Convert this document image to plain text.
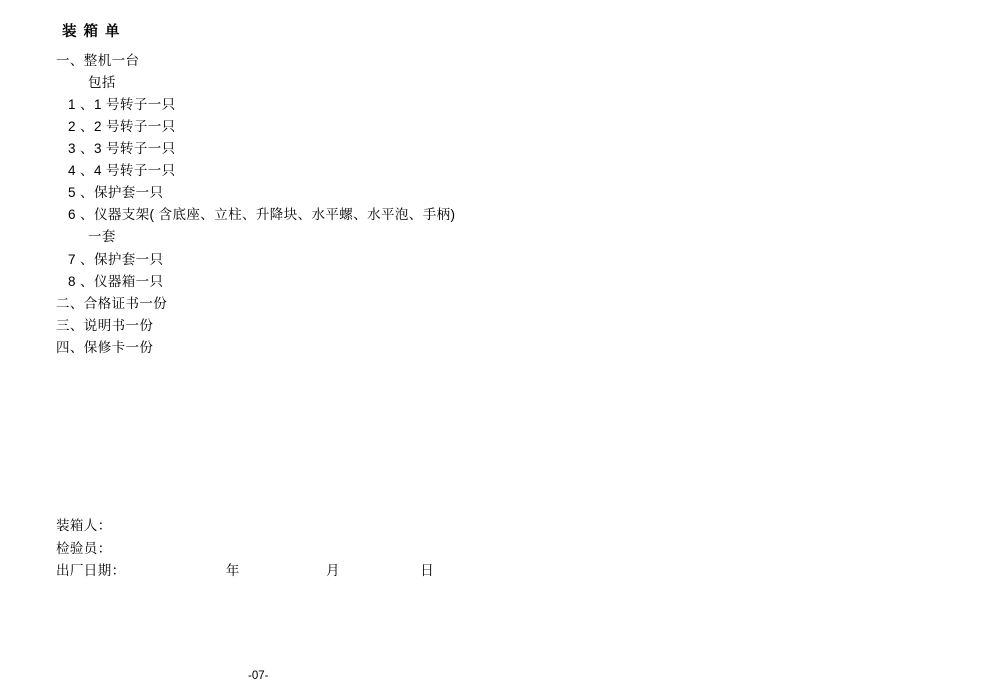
装 箱 单
一、整机一台
包括
1 、1 号转子一只
2 、2 号转子一只
3 、3 号转子一只
4 、4 号转子一只
5 、保护套一只
6 、仪器支架( 含底座、立柱、升降块、水平螺、水平泡、手柄)
一套
7 、保护套一只
8 、仪器箱一只
二、合格证书一份
三、说明书一份
四、保修卡一份
装箱人：
检验员：
出厂日期：	年	月	日
-07-
